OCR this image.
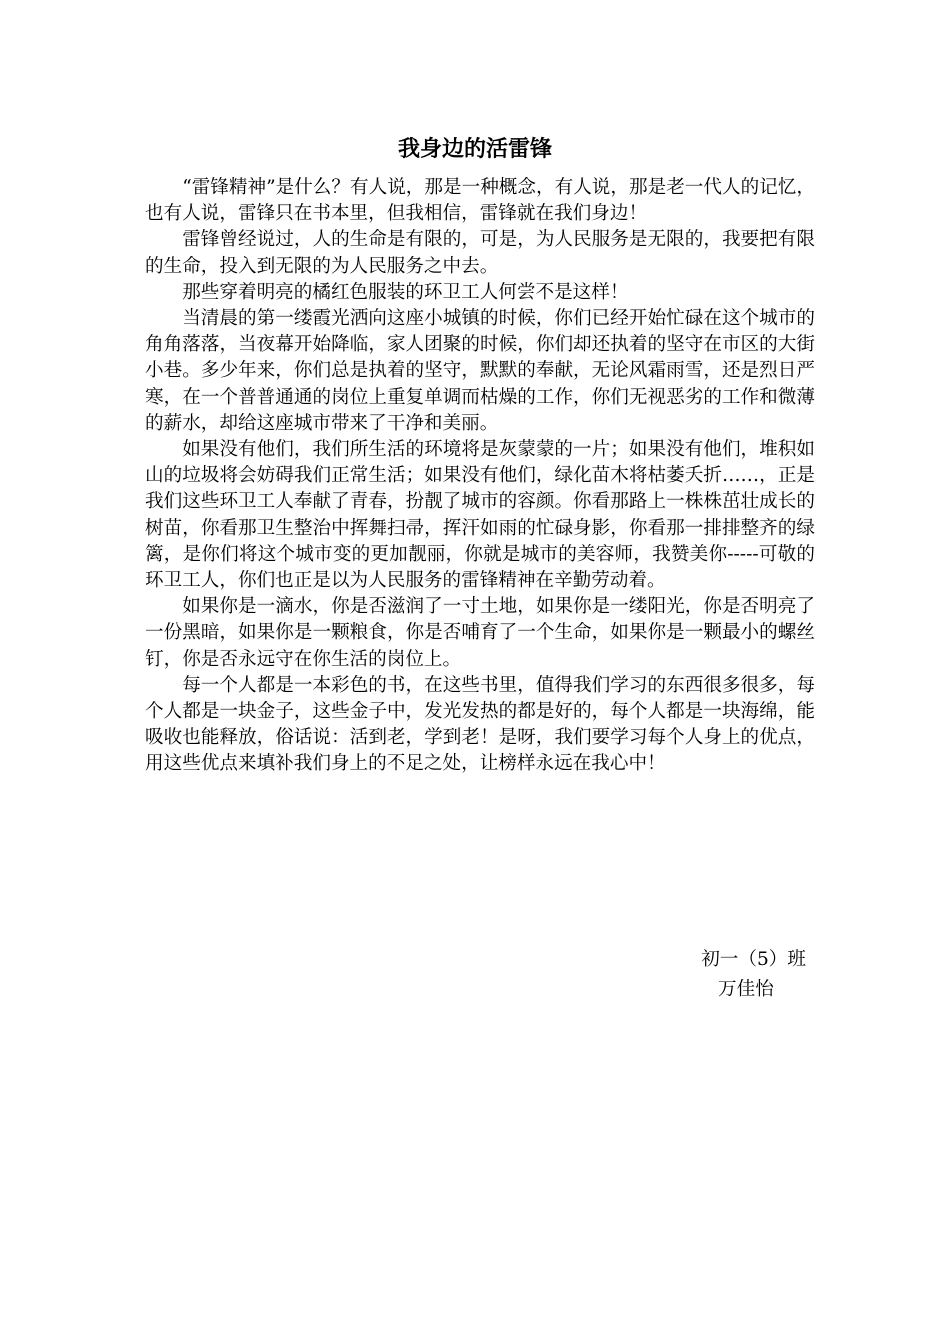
我身边的活雷锋

“雷锋精神”是什么？有人说，那是一种概念，有人说，那是老一代人的记忆，也有人说，雷锋只在书本里，但我相信，雷锋就在我们身边！

雷锋曾经说过，人的生命是有限的，可是，为人民服务是无限的，我要把有限的生命，投入到无限的为人民服务之中去。

那些穿着明亮的橘红色服装的环卫工人何尝不是这样！

当清晨的第一缕霞光洒向这座小城镇的时候，你们已经开始忙碌在这个城市的角角落落，当夜幕开始降临，家人团聚的时候，你们却还执着的坚守在市区的大街小巷。多少年来，你们总是执着的坚守，默默的奉献，无论风霜雨雪，还是烈日严寒，在一个普普通通的岗位上重复单调而枯燥的工作，你们无视恶劣的工作和微薄的薪水，却给这座城市带来了干净和美丽。

如果没有他们，我们所生活的环境将是灰蒙蒙的一片；如果没有他们，堆积如山的垃圾将会妨碍我们正常生活；如果没有他们，绿化苗木将枯萎夭折……，正是我们这些环卫工人奉献了青春，扮靓了城市的容颜。你看那路上一株株茁壮成长的树苗，你看那卫生整治中挥舞扫帚，挥汗如雨的忙碌身影，你看那一排排整齐的绿篱，是你们将这个城市变的更加靓丽，你就是城市的美容师，我赞美你-----可敬的环卫工人，你们也正是以为人民服务的雷锋精神在辛勤劳动着。

如果你是一滴水，你是否滋润了一寸土地，如果你是一缕阳光，你是否明亮了一份黑暗，如果你是一颗粮食，你是否哺育了一个生命，如果你是一颗最小的螺丝钉，你是否永远守在你生活的岗位上。

每一个人都是一本彩色的书，在这些书里，值得我们学习的东西很多很多，每个人都是一块金子，这些金子中，发光发热的都是好的，每个人都是一块海绵，能吸收也能释放，俗话说：活到老，学到老！是呀，我们要学习每个人身上的优点，用这些优点来填补我们身上的不足之处，让榜样永远在我心中！

初一（5）班
万佳怡
